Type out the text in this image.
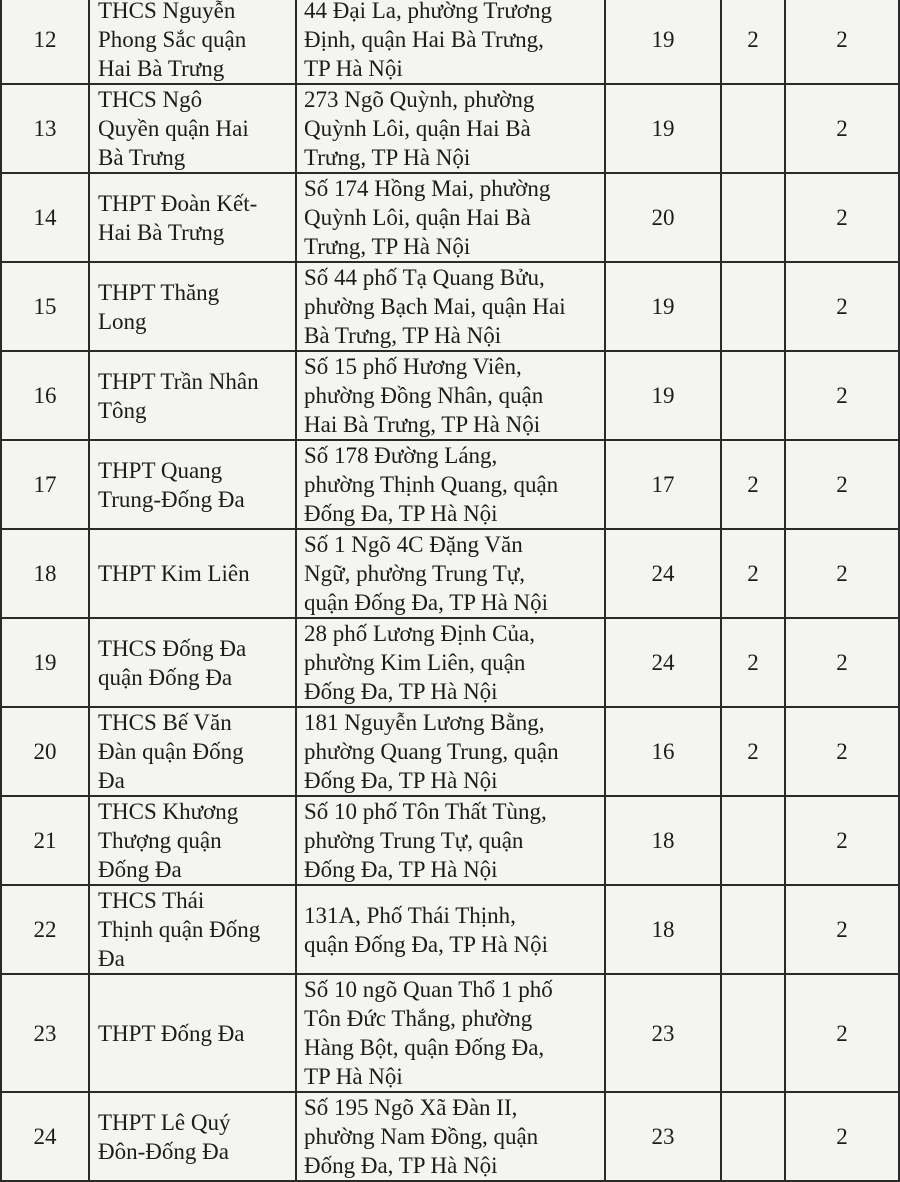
12	THCS Nguyễn
Phong Sắc quận
Hai Bà Trưng	44 Đại La, phường Trương
Định, quận Hai Bà Trưng,
TP Hà Nội	19	2	2
13	THCS Ngô
Quyền quận Hai
Bà Trưng	273 Ngõ Quỳnh, phường
Quỳnh Lôi, quận Hai Bà
Trưng, TP Hà Nội	19		2
14	THPT Đoàn Kết-
Hai Bà Trưng	Số 174 Hồng Mai, phường
Quỳnh Lôi, quận Hai Bà
Trưng, TP Hà Nội	20		2
15	THPT Thăng
Long	Số 44 phố Tạ Quang Bửu,
phường Bạch Mai, quận Hai
Bà Trưng, TP Hà Nội	19		2
16	THPT Trần Nhân
Tông	Số 15 phố Hương Viên,
phường Đồng Nhân, quận
Hai Bà Trưng, TP Hà Nội	19		2
17	THPT Quang
Trung-Đống Đa	Số 178 Đường Láng,
phường Thịnh Quang, quận
Đống Đa, TP Hà Nội	17	2	2
18	THPT Kim Liên	Số 1 Ngõ 4C Đặng Văn
Ngữ, phường Trung Tự,
quận Đống Đa, TP Hà Nội	24	2	2
19	THCS Đống Đa
quận Đống Đa	28 phố Lương Định Của,
phường Kim Liên, quận
Đống Đa, TP Hà Nội	24	2	2
20	THCS Bế Văn
Đàn quận Đống
Đa	181 Nguyễn Lương Bằng,
phường Quang Trung, quận
Đống Đa, TP Hà Nội	16	2	2
21	THCS Khương
Thượng quận
Đống Đa	Số 10 phố Tôn Thất Tùng,
phường Trung Tự, quận
Đống Đa, TP Hà Nội	18		2
22	THCS Thái
Thịnh quận Đống
Đa	131A, Phố Thái Thịnh,
quận Đống Đa, TP Hà Nội	18		2
23	THPT Đống Đa	Số 10 ngõ Quan Thổ 1 phố
Tôn Đức Thắng, phường
Hàng Bột, quận Đống Đa,
TP Hà Nội	23		2
24	THPT Lê Quý
Đôn-Đống Đa	Số 195 Ngõ Xã Đàn II,
phường Nam Đồng, quận
Đống Đa, TP Hà Nội	23		2
